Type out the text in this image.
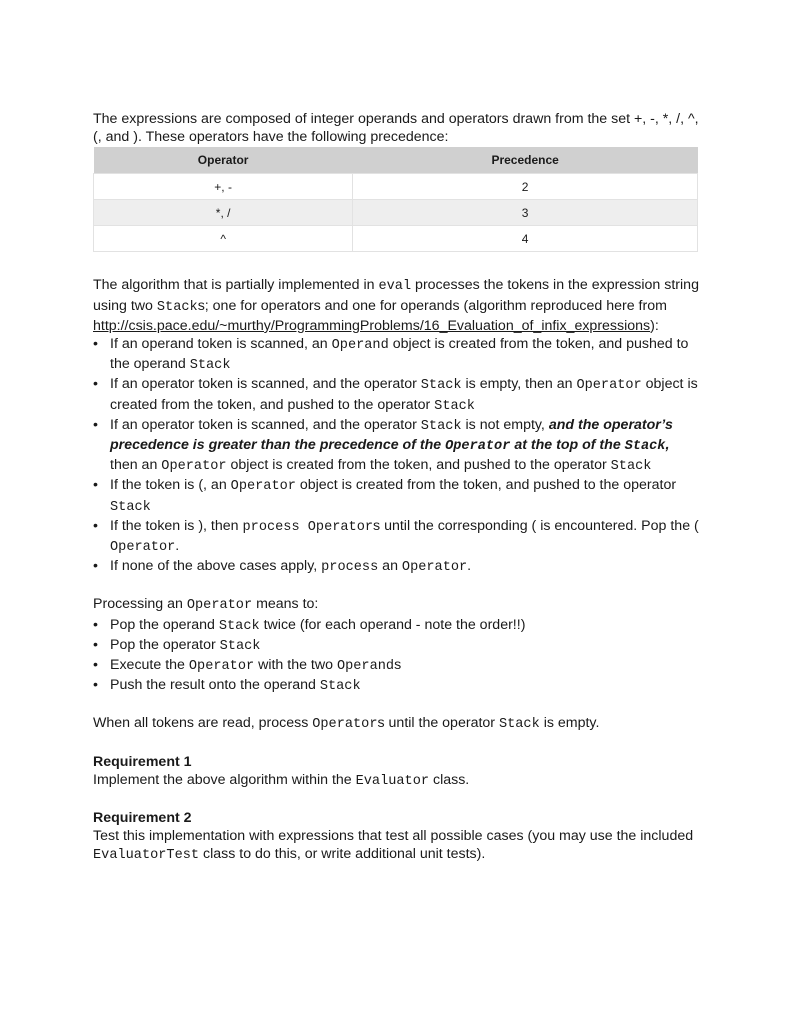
The expressions are composed of integer operands and operators drawn from the set +, -, *, /, ^, (, and ). These operators have the following precedence:

Operator	Precedence
+, -	2
*, /	3
^	4

The algorithm that is partially implemented in eval processes the tokens in the expression string using two Stacks; one for operators and one for operands (algorithm reproduced here from http://csis.pace.edu/~murthy/ProgrammingProblems/16_Evaluation_of_infix_expressions):

• If an operand token is scanned, an Operand object is created from the token, and pushed to the operand Stack
• If an operator token is scanned, and the operator Stack is empty, then an Operator object is created from the token, and pushed to the operator Stack
• If an operator token is scanned, and the operator Stack is not empty, and the operator’s precedence is greater than the precedence of the Operator at the top of the Stack, then an Operator object is created from the token, and pushed to the operator Stack
• If the token is (, an Operator object is created from the token, and pushed to the operator Stack
• If the token is ), then process Operators until the corresponding ( is encountered. Pop the ( Operator.
• If none of the above cases apply, process an Operator.

Processing an Operator means to:

• Pop the operand Stack twice (for each operand - note the order!!)
• Pop the operator Stack
• Execute the Operator with the two Operands
• Push the result onto the operand Stack

When all tokens are read, process Operators until the operator Stack is empty.

Requirement 1

Implement the above algorithm within the Evaluator class.

Requirement 2

Test this implementation with expressions that test all possible cases (you may use the included EvaluatorTest class to do this, or write additional unit tests).
